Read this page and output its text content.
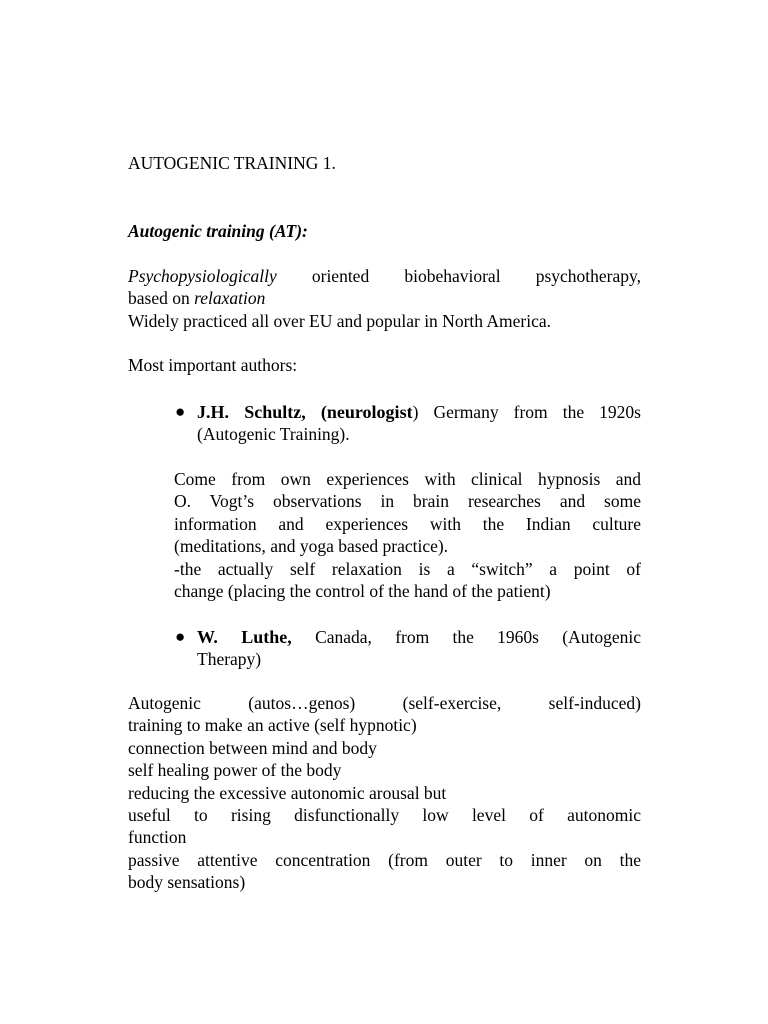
AUTOGENIC TRAINING 1.
Autogenic training (AT):
Psychopysiologically oriented biobehavioral psychotherapy,
based on relaxation
Widely practiced all over EU and popular in North America.
Most important authors:
● J.H. Schultz, (neurologist) Germany from the 1920s
(Autogenic Training).
Come from own experiences with clinical hypnosis and
O. Vogt’s observations in brain researches and some
information and experiences with the Indian culture
(meditations, and yoga based practice).
-the actually self relaxation is a “switch” a point of
change (placing the control of the hand of the patient)
● W. Luthe, Canada, from the 1960s (Autogenic
Therapy)
Autogenic (autos…genos) (self-exercise, self-induced)
training to make an active (self hypnotic)
connection between mind and body
self healing power of the body
reducing the excessive autonomic arousal but
useful to rising disfunctionally low level of autonomic
function
passive attentive concentration (from outer to inner on the
body sensations)
